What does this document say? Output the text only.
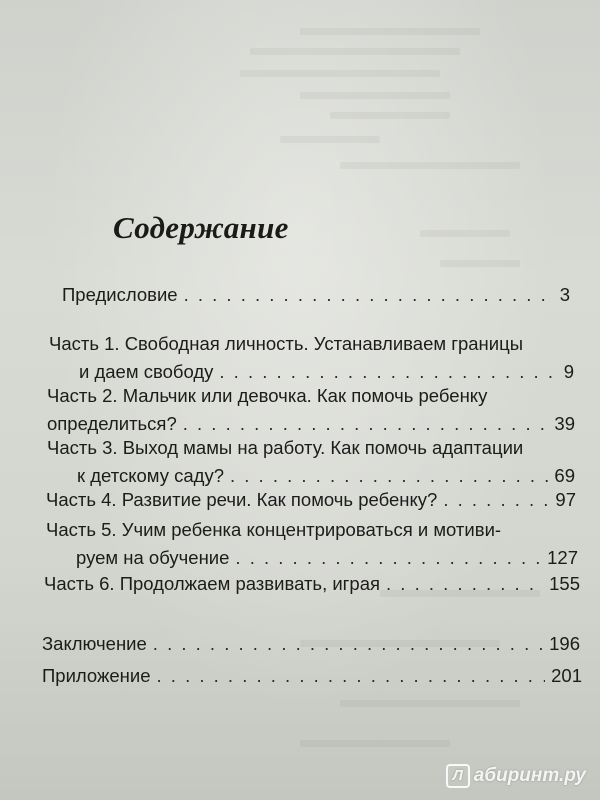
Содержание
Предисловие . . .	3
Часть 1. Свободная личность. Устанавливаем границы
и даем свободу . . .	9
Часть 2. Мальчик или девочка. Как помочь ребенку
определиться? . . .	39
Часть 3. Выход мамы на работу. Как помочь адаптации
к детскому саду? . . .	69
Часть 4. Развитие речи. Как помочь ребенку? . . .	97
Часть 5. Учим ребенка концентрироваться и мотиви-
руем на обучение . . .	127
Часть 6. Продолжаем развивать, играя . . .	155
Заключение . . .	196
Приложение . . .	201
Л абиринт.ру
